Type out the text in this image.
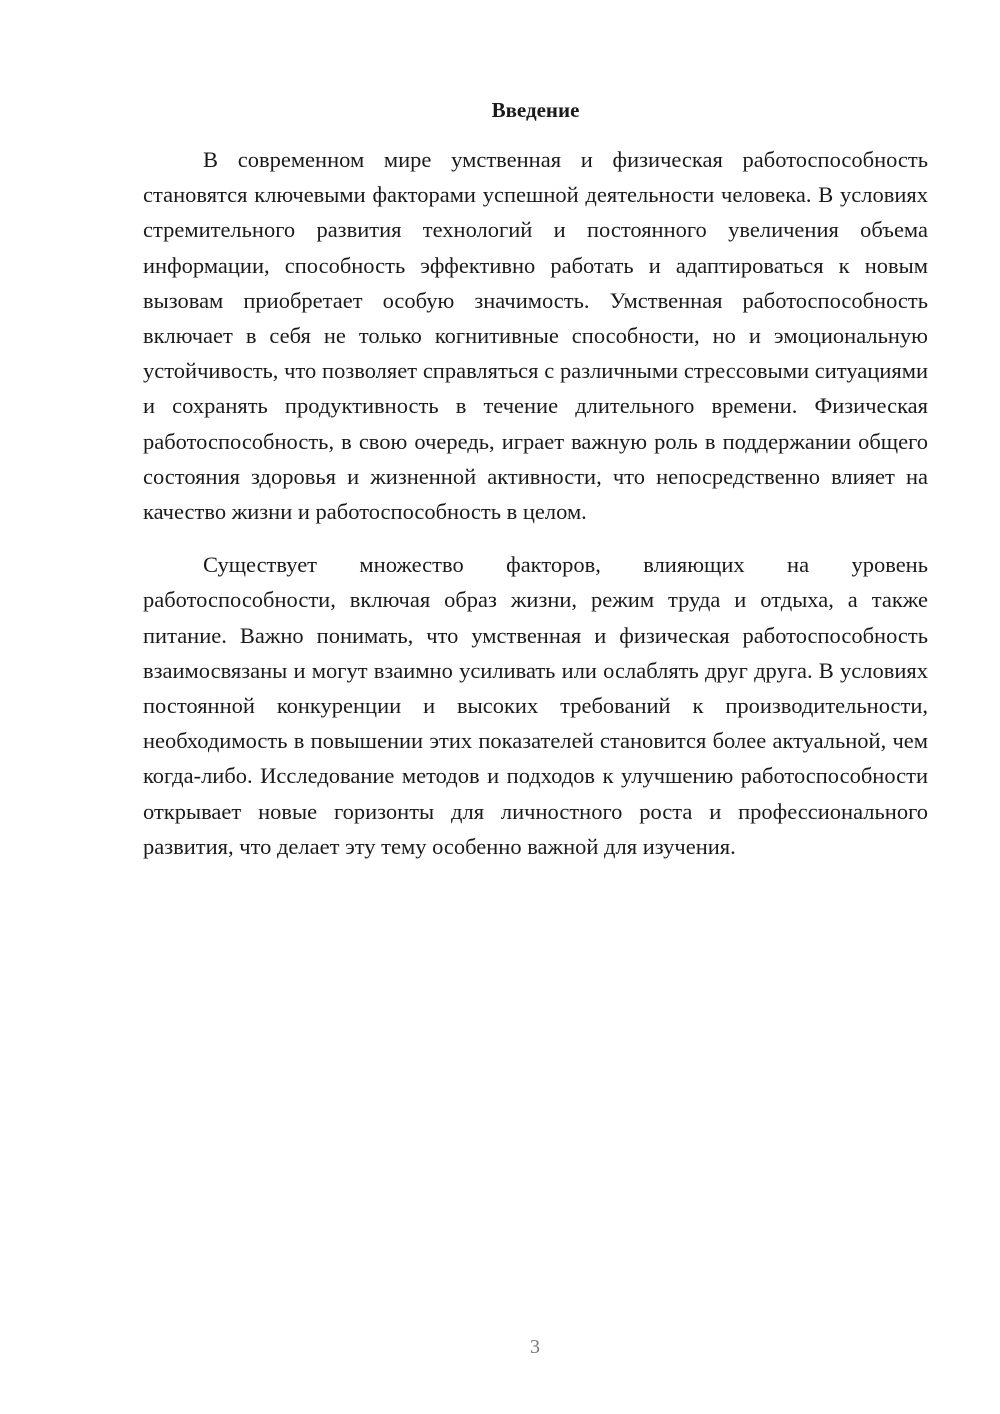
Введение

В современном мире умственная и физическая работоспособность становятся ключевыми факторами успешной деятельности человека. В условиях стремительного развития технологий и постоянного увеличения объема информации, способность эффективно работать и адаптироваться к новым вызовам приобретает особую значимость. Умственная работоспособность включает в себя не только когнитивные способности, но и эмоциональную устойчивость, что позволяет справляться с различными стрессовыми ситуациями и сохранять продуктивность в течение длительного времени. Физическая работоспособность, в свою очередь, играет важную роль в поддержании общего состояния здоровья и жизненной активности, что непосредственно влияет на качество жизни и работоспособность в целом.

Существует множество факторов, влияющих на уровень работоспособности, включая образ жизни, режим труда и отдыха, а также питание. Важно понимать, что умственная и физическая работоспособность взаимосвязаны и могут взаимно усиливать или ослаблять друг друга. В условиях постоянной конкуренции и высоких требований к производительности, необходимость в повышении этих показателей становится более актуальной, чем когда-либо. Исследование методов и подходов к улучшению работоспособности открывает новые горизонты для личностного роста и профессионального развития, что делает эту тему особенно важной для изучения.

3
